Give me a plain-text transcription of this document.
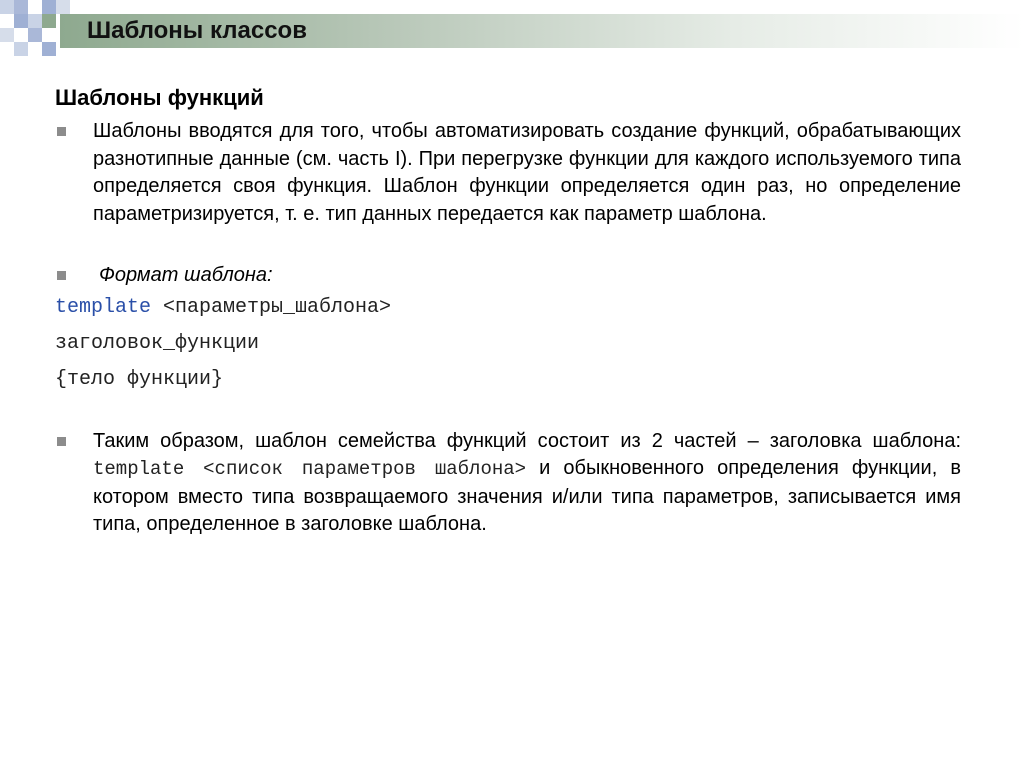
Шаблоны классов
Шаблоны функций
Шаблоны вводятся для того, чтобы автоматизировать создание функций, обрабатывающих разнотипные данные (см. часть I). При перегрузке функции для каждого используемого типа определяется своя функция. Шаблон функции определяется один раз, но определение параметризируется, т. е. тип данных передается как параметр шаблона.
Формат шаблона:
template <параметры_шаблона>
заголовок_функции
{тело функции}
Таким образом, шаблон семейства функций состоит из 2 частей – заголовка шаблона: template <список параметров шаблона> и обыкновенного определения функции, в котором вместо типа возвращаемого значения и/или типа параметров, записывается имя типа, определенное в заголовке шаблона.
